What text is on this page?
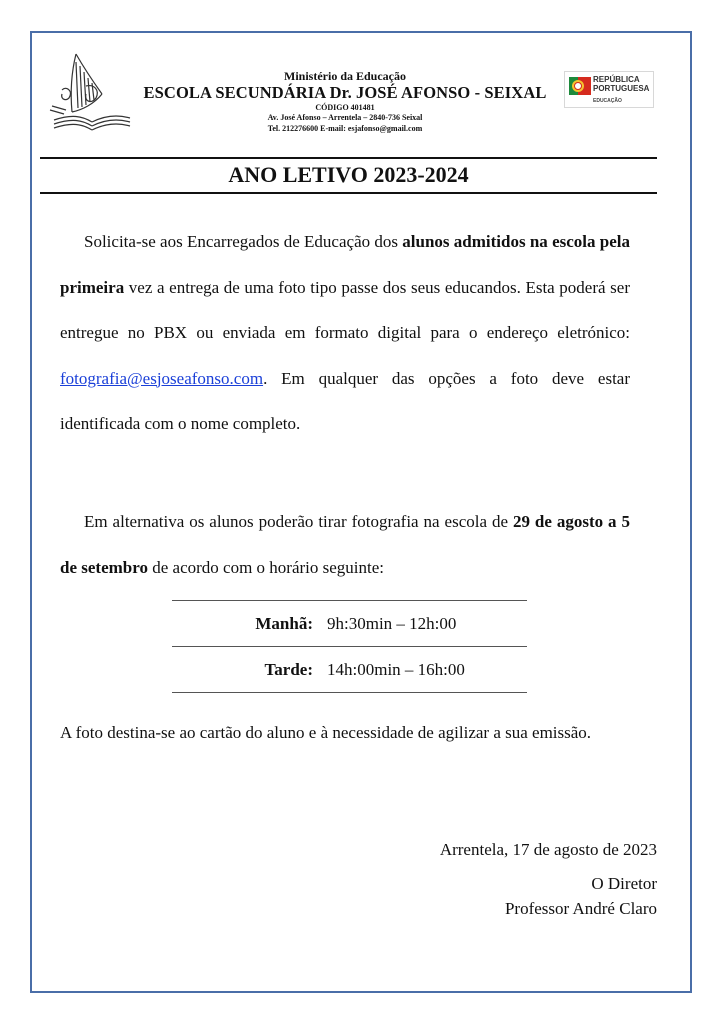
Ministério da Educação
ESCOLA SECUNDÁRIA Dr. JOSÉ AFONSO - SEIXAL
CÓDIGO 401481
Av. José Afonso – Arrentela – 2840-736 Seixal
Tel. 212276600 E-mail: esjafonso@gmail.com
REPÚBLICA
PORTUGUESA
EDUCAÇÃO
ANO LETIVO 2023-2024

Solicita-se aos Encarregados de Educação dos alunos admitidos na escola pela primeira vez a entrega de uma foto tipo passe dos seus educandos. Esta poderá ser entregue no PBX ou enviada em formato digital para o endereço eletrónico: fotografia@esjoseafonso.com. Em qualquer das opções a foto deve estar identificada com o nome completo.

Em alternativa os alunos poderão tirar fotografia na escola de 29 de agosto a 5 de setembro de acordo com o horário seguinte:

Manhã: 9h:30min – 12h:00
Tarde: 14h:00min – 16h:00

A foto destina-se ao cartão do aluno e à necessidade de agilizar a sua emissão.

Arrentela, 17 de agosto de 2023

O Diretor

Professor André Claro
